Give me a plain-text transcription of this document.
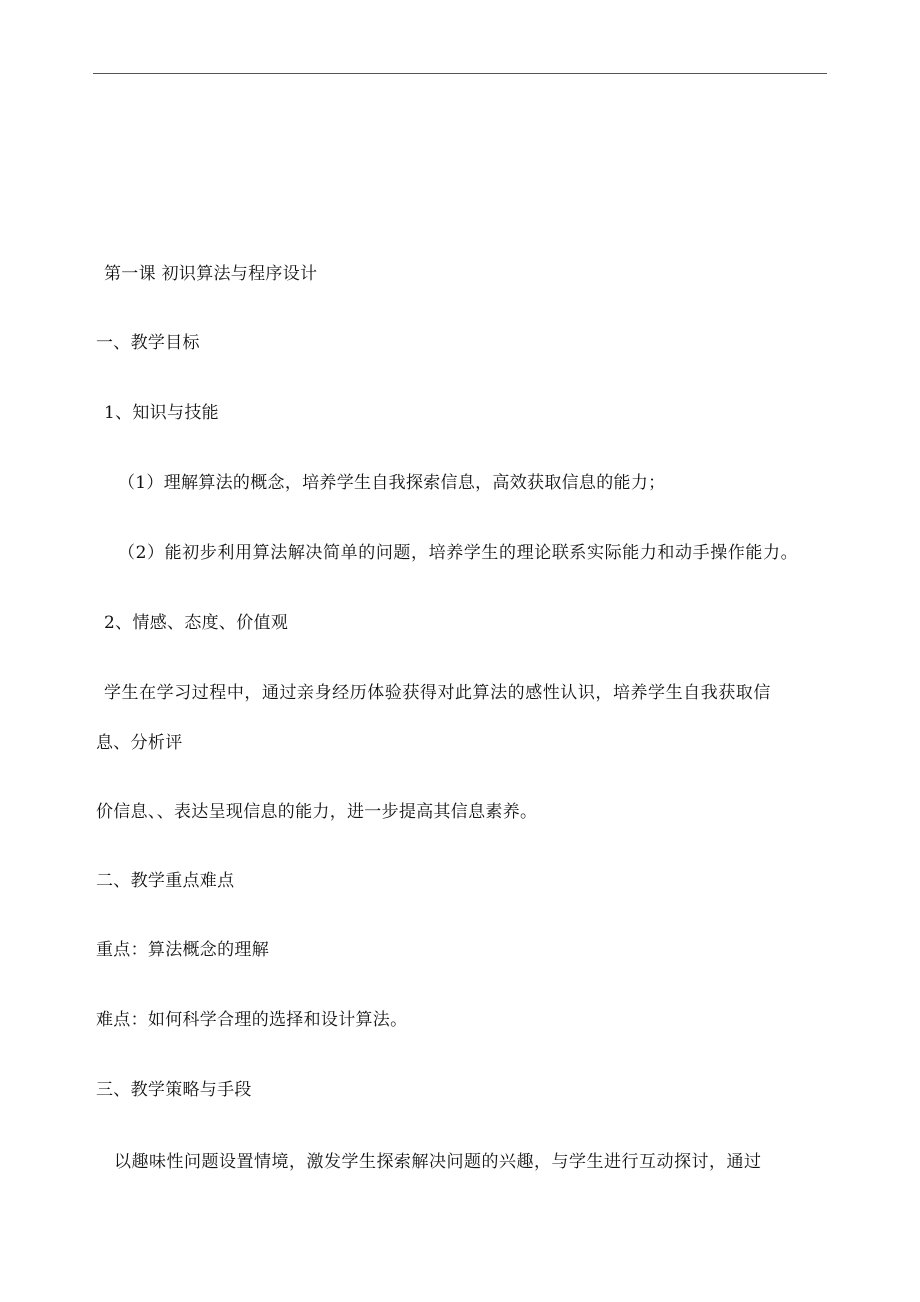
第一课 初识算法与程序设计

一、教学目标

1、知识与技能

（1）理解算法的概念，培养学生自我探索信息，高效获取信息的能力；

（2）能初步利用算法解决简单的问题，培养学生的理论联系实际能力和动手操作能力。

2、情感、态度、价值观

学生在学习过程中，通过亲身经历体验获得对此算法的感性认识，培养学生自我获取信

息、分析评

价信息、、表达呈现信息的能力，进一步提高其信息素养。

二、教学重点难点

重点：算法概念的理解

难点：如何科学合理的选择和设计算法。

三、教学策略与手段

以趣味性问题设置情境，激发学生探索解决问题的兴趣，与学生进行互动探讨，通过
